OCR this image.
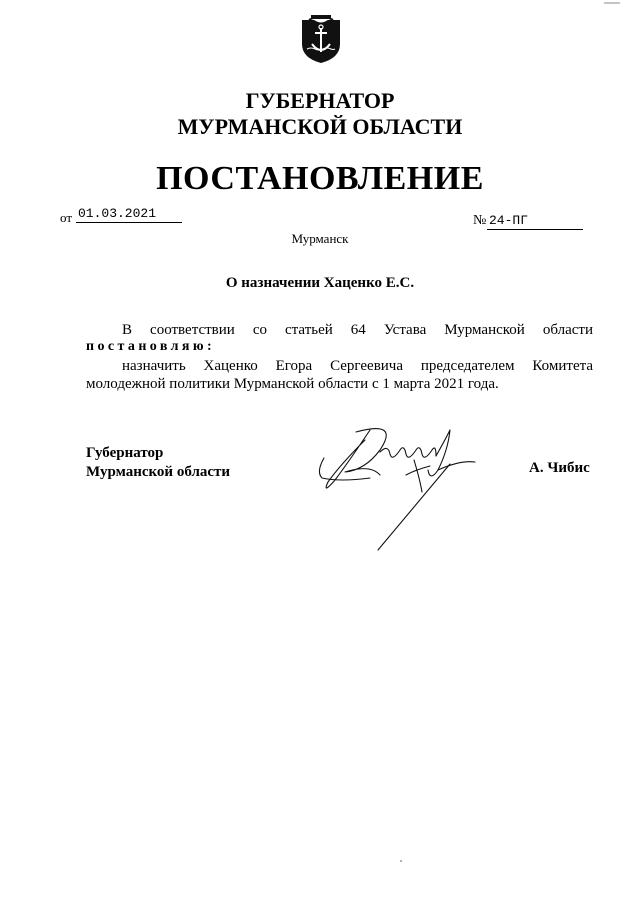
ГУБЕРНАТОР
МУРМАНСКОЙ ОБЛАСТИ
ПОСТАНОВЛЕНИЕ
от 01.03.2021	№ 24-ПГ
Мурманск
О назначении Хаценко Е.С.
В соответствии со статьей 64 Устава Мурманской области
постановляю:
назначить Хаценко Егора Сергеевича председателем Комитета
молодежной политики Мурманской области с 1 марта 2021 года.
Губернатор
Мурманской области	А. Чибис
